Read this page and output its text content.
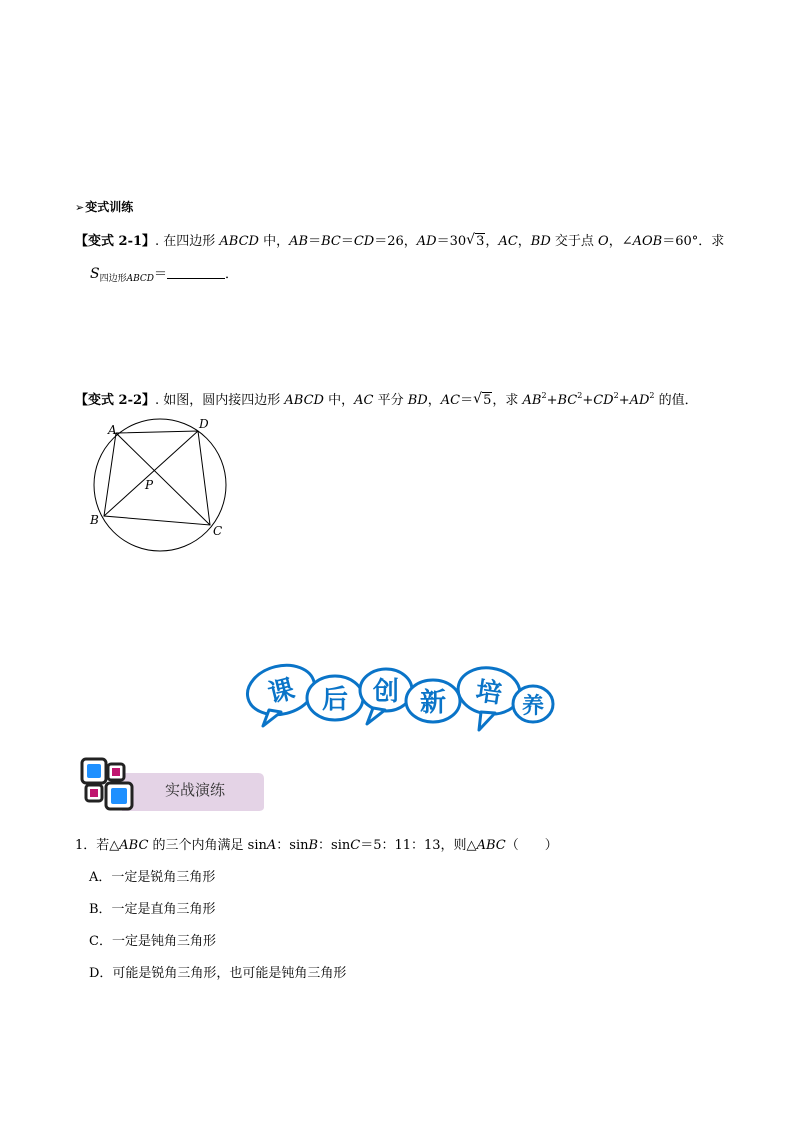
➢变式训练
【变式 2-1】. 在四边形 ABCD 中，AB＝BC＝CD＝26，AD＝30 √ 3，AC，BD 交于点 O，∠AOB＝60°．求
$S_{四边形ABCD}=$	．
【变式 2-2】. 如图，圆内接四边形 ABCD 中，AC 平分 BD，AC＝ √ 5，求 $AB^2+BC^2+CD^2+AD^2$ 的值．
A	D
B
C
P
课 后 创 新 培 养
实战演练
1．若△ABC 的三个内角满足 sinA：sinB：sinC＝5：11：13，则△ABC（　　）
A．一定是锐角三角形
B．一定是直角三角形
C．一定是钝角三角形
D．可能是锐角三角形，也可能是钝角三角形
